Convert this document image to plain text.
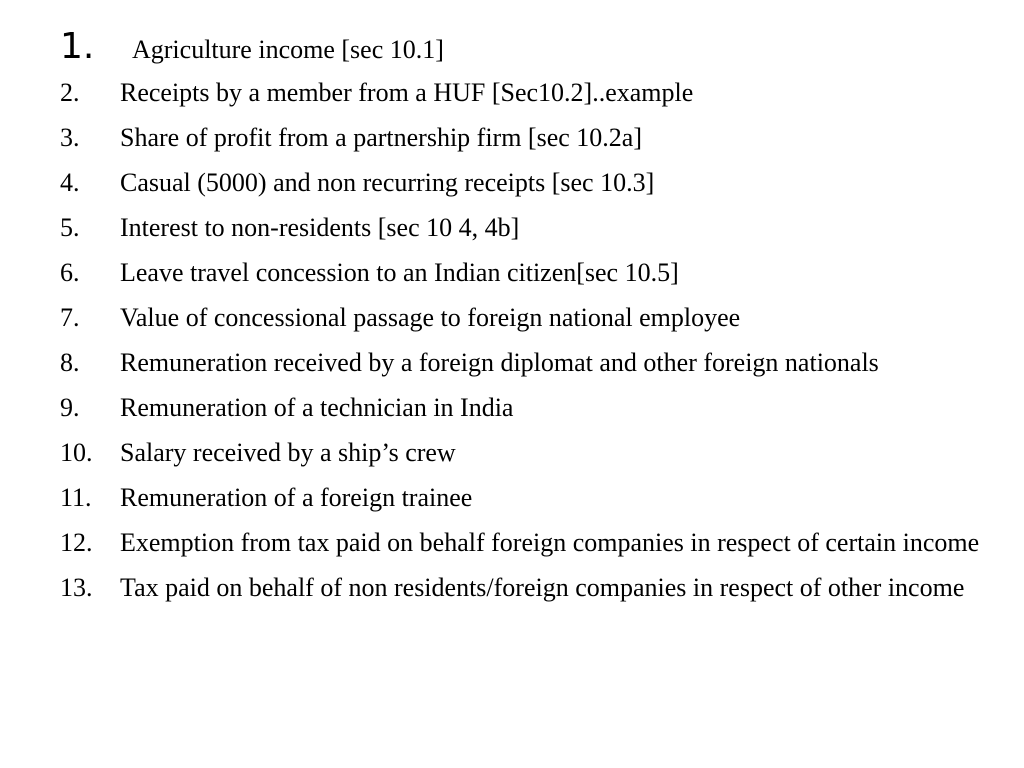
1.	Agriculture income [sec 10.1]
2.	Receipts by a member from a HUF [Sec10.2]..example
3.	Share of profit from a partnership firm [sec 10.2a]
4.	Casual (5000) and non recurring receipts [sec 10.3]
5.	Interest to non-residents [sec 10 4, 4b]
6.	Leave travel concession to an Indian citizen[sec 10.5]
7.	Value of concessional passage to foreign national employee
8.	Remuneration received by a foreign diplomat and other foreign nationals
9.	Remuneration of a technician in India
10.	Salary received by a ship’s crew
11.	Remuneration of a foreign trainee
12.	Exemption from tax paid on behalf foreign companies in respect of certain income
13.	Tax paid on behalf of non residents/foreign companies in respect of other income
